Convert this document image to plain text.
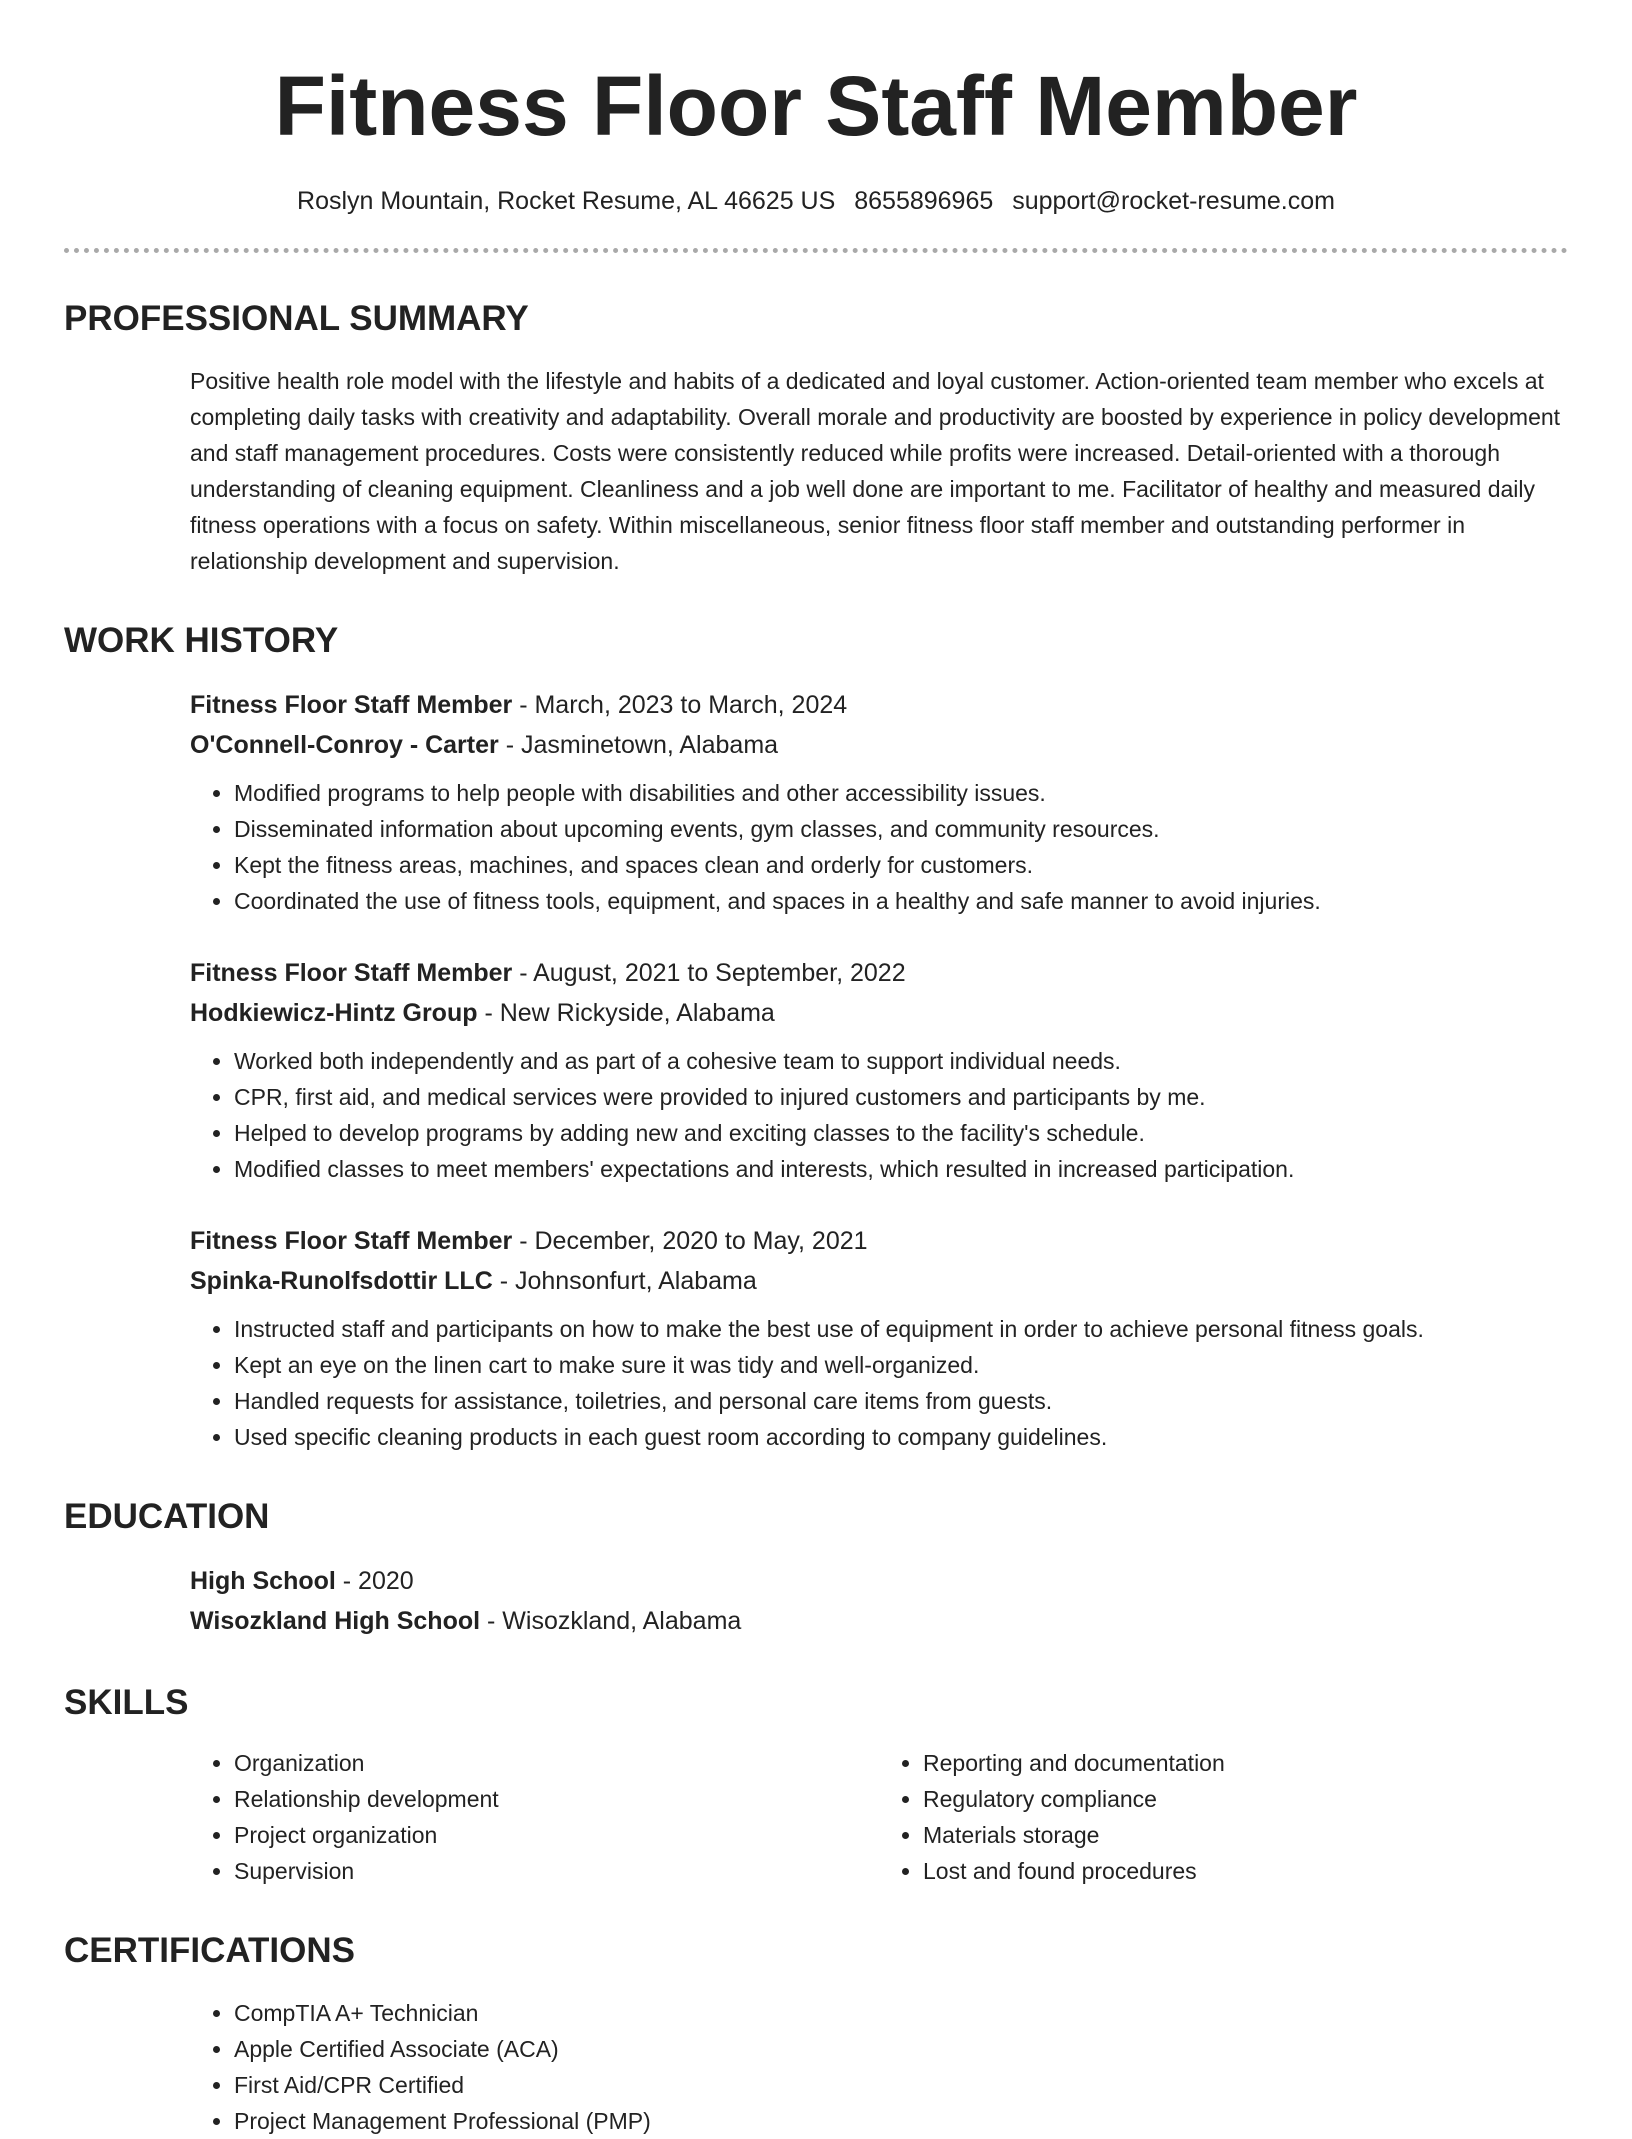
Fitness Floor Staff Member
Roslyn Mountain, Rocket Resume, AL 46625 US 8655896965 support@rocket-resume.com
PROFESSIONAL SUMMARY
Positive health role model with the lifestyle and habits of a dedicated and loyal customer. Action-oriented team member who excels at completing daily tasks with creativity and adaptability. Overall morale and productivity are boosted by experience in policy development and staff management procedures. Costs were consistently reduced while profits were increased. Detail-oriented with a thorough understanding of cleaning equipment. Cleanliness and a job well done are important to me. Facilitator of healthy and measured daily fitness operations with a focus on safety. Within miscellaneous, senior fitness floor staff member and outstanding performer in relationship development and supervision.
WORK HISTORY
Fitness Floor Staff Member - March, 2023 to March, 2024
O'Connell-Conroy - Carter - Jasminetown, Alabama
• Modified programs to help people with disabilities and other accessibility issues.
• Disseminated information about upcoming events, gym classes, and community resources.
• Kept the fitness areas, machines, and spaces clean and orderly for customers.
• Coordinated the use of fitness tools, equipment, and spaces in a healthy and safe manner to avoid injuries.
Fitness Floor Staff Member - August, 2021 to September, 2022
Hodkiewicz-Hintz Group - New Rickyside, Alabama
• Worked both independently and as part of a cohesive team to support individual needs.
• CPR, first aid, and medical services were provided to injured customers and participants by me.
• Helped to develop programs by adding new and exciting classes to the facility's schedule.
• Modified classes to meet members' expectations and interests, which resulted in increased participation.
Fitness Floor Staff Member - December, 2020 to May, 2021
Spinka-Runolfsdottir LLC - Johnsonfurt, Alabama
• Instructed staff and participants on how to make the best use of equipment in order to achieve personal fitness goals.
• Kept an eye on the linen cart to make sure it was tidy and well-organized.
• Handled requests for assistance, toiletries, and personal care items from guests.
• Used specific cleaning products in each guest room according to company guidelines.
EDUCATION
High School - 2020
Wisozkland High School - Wisozkland, Alabama
SKILLS
• Organization
• Relationship development
• Project organization
• Supervision
• Reporting and documentation
• Regulatory compliance
• Materials storage
• Lost and found procedures
CERTIFICATIONS
• CompTIA A+ Technician
• Apple Certified Associate (ACA)
• First Aid/CPR Certified
• Project Management Professional (PMP)
